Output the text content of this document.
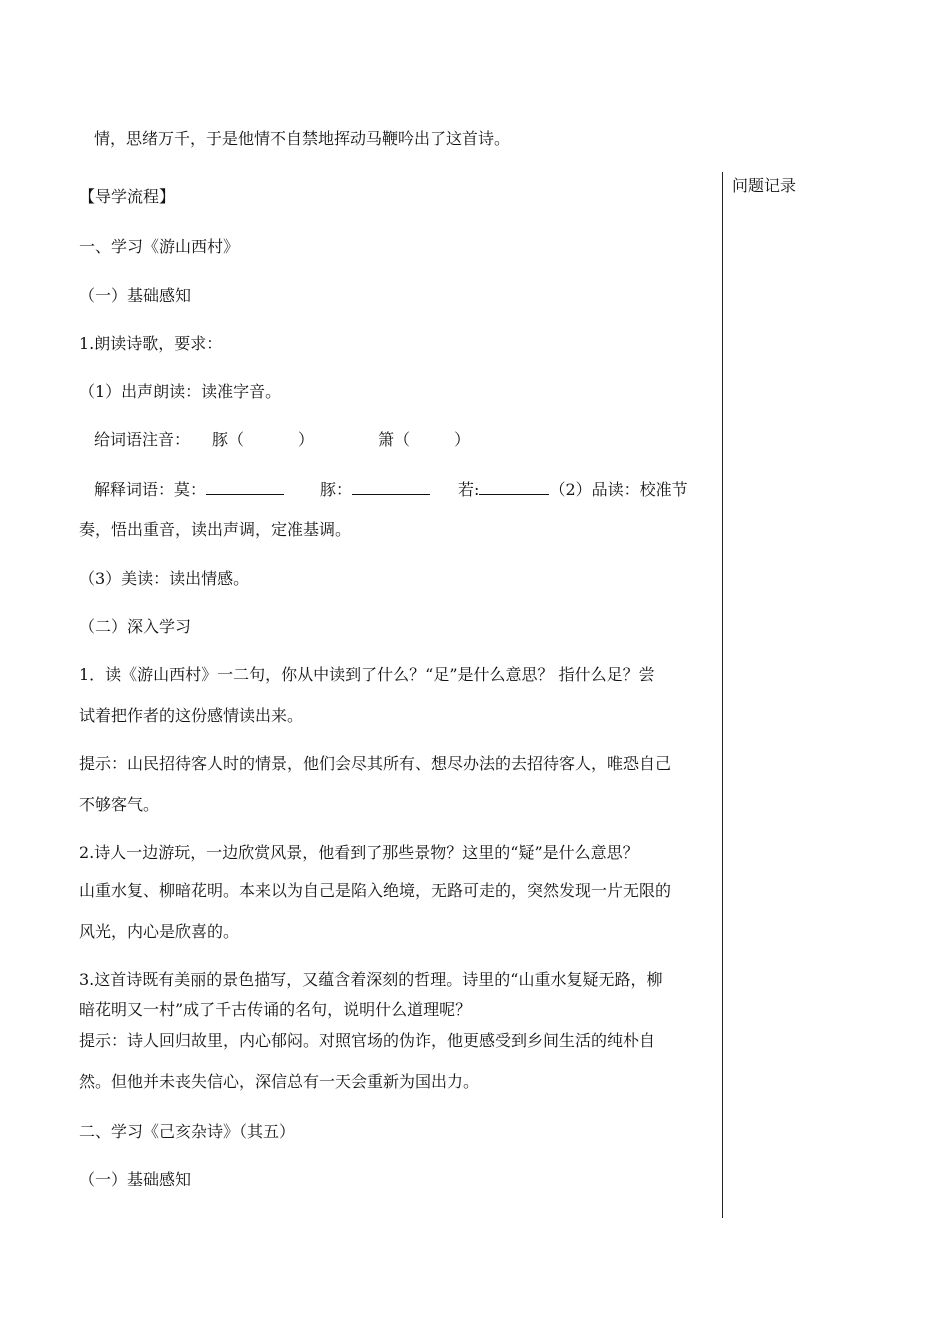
情，思绪万千，于是他情不自禁地挥动马鞭吟出了这首诗。
问题记录
【导学流程】
一、学习《游山西村》
（一）基础感知
1.朗读诗歌，要求：
（1）出声朗读：读准字音。
给词语注音： 豚（	）	箫（	）
解释词语：莫：	豚：	若:	（2）品读：校准节
奏，悟出重音，读出声调，定准基调。
（3）美读：读出情感。
（二）深入学习
1．读《游山西村》一二句，你从中读到了什么？“足”是什么意思？ 指什么足？尝
试着把作者的这份感情读出来。
提示：山民招待客人时的情景，他们会尽其所有、想尽办法的去招待客人，唯恐自己
不够客气。
2.诗人一边游玩，一边欣赏风景，他看到了那些景物？这里的“疑”是什么意思？
山重水复、柳暗花明。本来以为自己是陷入绝境，无路可走的，突然发现一片无限的
风光，内心是欣喜的。
3.这首诗既有美丽的景色描写，又蕴含着深刻的哲理。诗里的“山重水复疑无路，柳
暗花明又一村”成了千古传诵的名句，说明什么道理呢？
提示：诗人回归故里，内心郁闷。对照官场的伪诈，他更感受到乡间生活的纯朴自
然。但他并未丧失信心，深信总有一天会重新为国出力。
二、学习《己亥杂诗》（其五）
（一）基础感知
